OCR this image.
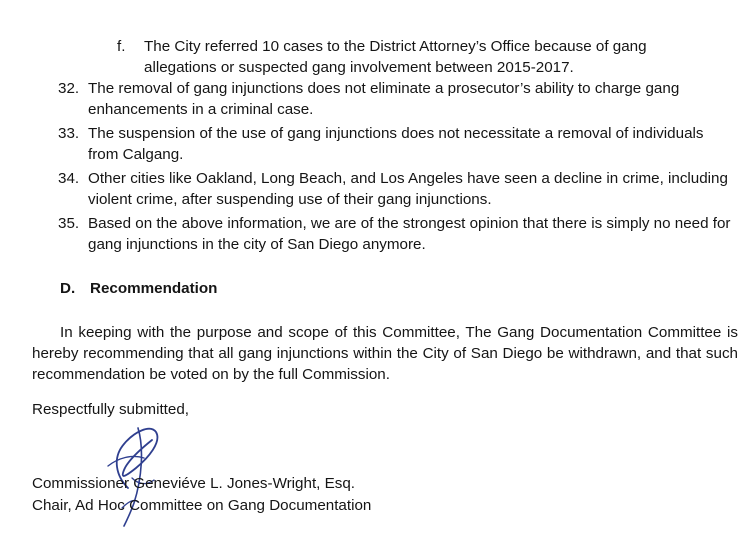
f. The City referred 10 cases to the District Attorney’s Office because of gang allegations or suspected gang involvement between 2015-2017.
32. The removal of gang injunctions does not eliminate a prosecutor’s ability to charge gang enhancements in a criminal case.
33. The suspension of the use of gang injunctions does not necessitate a removal of individuals from Calgang.
34. Other cities like Oakland, Long Beach, and Los Angeles have seen a decline in crime, including violent crime, after suspending use of their gang injunctions.
35. Based on the above information, we are of the strongest opinion that there is simply no need for gang injunctions in the city of San Diego anymore.
D. Recommendation

In keeping with the purpose and scope of this Committee, The Gang Documentation Committee is hereby recommending that all gang injunctions within the City of San Diego be withdrawn, and that such recommendation be voted on by the full Commission.

Respectfully submitted,

Commissioner Geneviéve L. Jones-Wright, Esq.

Chair, Ad Hoc Committee on Gang Documentation
